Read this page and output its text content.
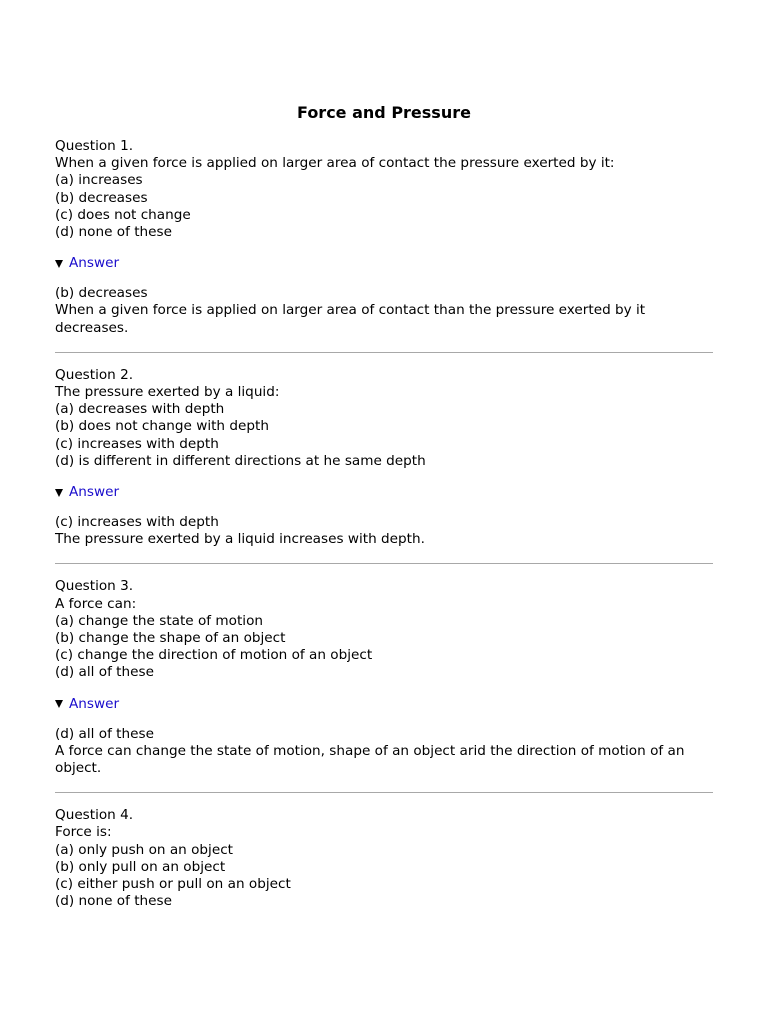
Force and Pressure
Question 1.
When a given force is applied on larger area of contact the pressure exerted by it:
(a) increases
(b) decreases
(c) does not change
(d) none of these
Answer
(b) decreases
When a given force is applied on larger area of contact than the pressure exerted by it decreases.
Question 2.
The pressure exerted by a liquid:
(a) decreases with depth
(b) does not change with depth
(c) increases with depth
(d) is different in different directions at he same depth
Answer
(c) increases with depth
The pressure exerted by a liquid increases with depth.
Question 3.
A force can:
(a) change the state of motion
(b) change the shape of an object
(c) change the direction of motion of an object
(d) all of these
Answer
(d) all of these
A force can change the state of motion, shape of an object arid the direction of motion of an object.
Question 4.
Force is:
(a) only push on an object
(b) only pull on an object
(c) either push or pull on an object
(d) none of these
